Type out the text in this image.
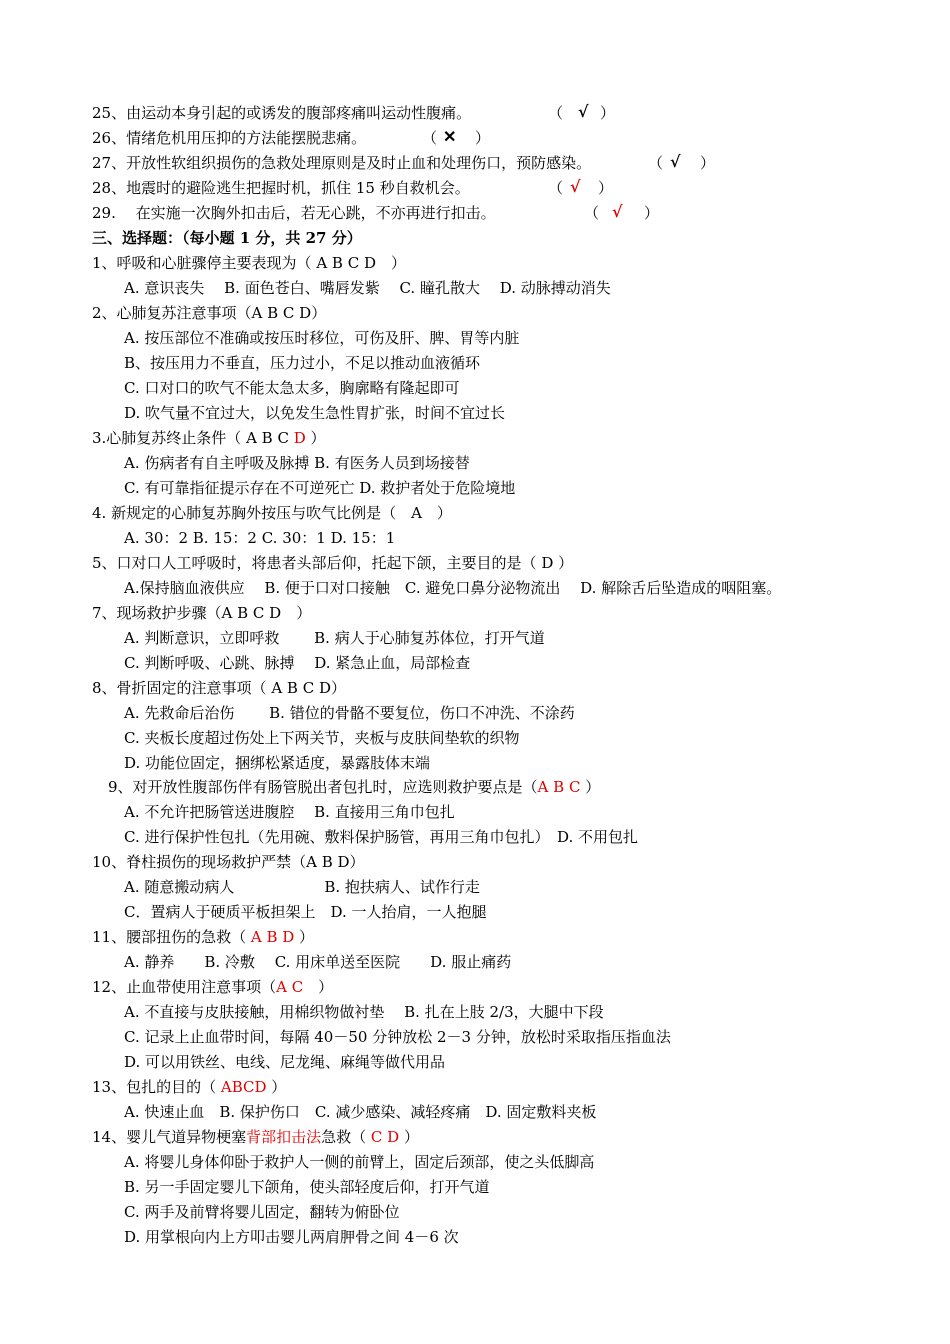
25、由运动本身引起的或诱发的腹部疼痛叫运动性腹痛。	（ √ ）
26、情绪危机用压抑的方法能摆脱悲痛。	（ ✕ ）
27、开放性软组织损伤的急救处理原则是及时止血和处理伤口，预防感染。	（ √ ）
28、地震时的避险逃生把握时机，抓住 15 秒自救机会。	（ √ ）
29.　 在实施一次胸外扣击后，若无心跳，不亦再进行扣击。	（ √ ）
三、选择题：（每小题 1 分，共 27 分）
1、呼吸和心脏骤停主要表现为（ A B C D　）
A. 意识丧失　 B. 面色苍白、嘴唇发紫　 C. 瞳孔散大　 D. 动脉搏动消失
2、心肺复苏注意事项（A B C D）
A. 按压部位不准确或按压时移位，可伤及肝、脾、胃等内脏
B、按压用力不垂直，压力过小，不足以推动血液循环
C. 口对口的吹气不能太急太多，胸廓略有隆起即可
D. 吹气量不宜过大，以免发生急性胃扩张，时间不宜过长
3.心肺复苏终止条件（ A B C D ）
A. 伤病者有自主呼吸及脉搏 B. 有医务人员到场接替
C. 有可靠指征提示存在不可逆死亡 D. 救护者处于危险境地
4. 新规定的心肺复苏胸外按压与吹气比例是（　A　）
A. 30：2 B. 15：2 C. 30：1 D. 15：1
5、口对口人工呼吸时，将患者头部后仰，托起下颌，主要目的是（ D ）
A.保持脑血液供应　 B. 便于口对口接触　C. 避免口鼻分泌物流出　 D. 解除舌后坠造成的咽阻塞。
7、现场救护步骤（A B C D　）
A. 判断意识，立即呼救　　 B. 病人于心肺复苏体位，打开气道
C. 判断呼吸、心跳、脉搏　 D. 紧急止血，局部检查
8、骨折固定的注意事项（ A B C D）
A. 先救命后治伤　　 B. 错位的骨骼不要复位，伤口不冲洗、不涂药
C. 夹板长度超过伤处上下两关节，夹板与皮肤间垫软的织物
D. 功能位固定，捆绑松紧适度，暴露肢体末端
9、对开放性腹部伤伴有肠管脱出者包扎时，应选则救护要点是（A B C ）
A. 不允许把肠管送进腹腔　 B. 直接用三角巾包扎
C. 进行保护性包扎（先用碗、敷料保护肠管，再用三角巾包扎）　D. 不用包扎
10、脊柱损伤的现场救护严禁（A B D）
A. 随意搬动病人　　　　　　B. 抱扶病人、试作行走
C．置病人于硬质平板担架上　D. 一人抬肩，一人抱腿
11、腰部扭伤的急救（ A B D ）
A. 静养　　B. 冷敷　 C. 用床单送至医院　　D. 服止痛药
12、止血带使用注意事项（A C　）
A. 不直接与皮肤接触，用棉织物做衬垫　 B. 扎在上肢 2/3，大腿中下段
C. 记录上止血带时间，每隔 40－50 分钟放松 2－3 分钟，放松时采取指压指血法
D. 可以用铁丝、电线、尼龙绳、麻绳等做代用品
13、包扎的目的（ ABCD ）
A. 快速止血　B. 保护伤口　C. 减少感染、减轻疼痛　D. 固定敷料夹板
14、婴儿气道异物梗塞背部扣击法急救（ C D ）
A. 将婴儿身体仰卧于救护人一侧的前臂上，固定后颈部，使之头低脚高
B. 另一手固定婴儿下颌角，使头部轻度后仰，打开气道
C. 两手及前臂将婴儿固定，翻转为俯卧位
D. 用掌根向内上方叩击婴儿两肩胛骨之间 4－6 次
